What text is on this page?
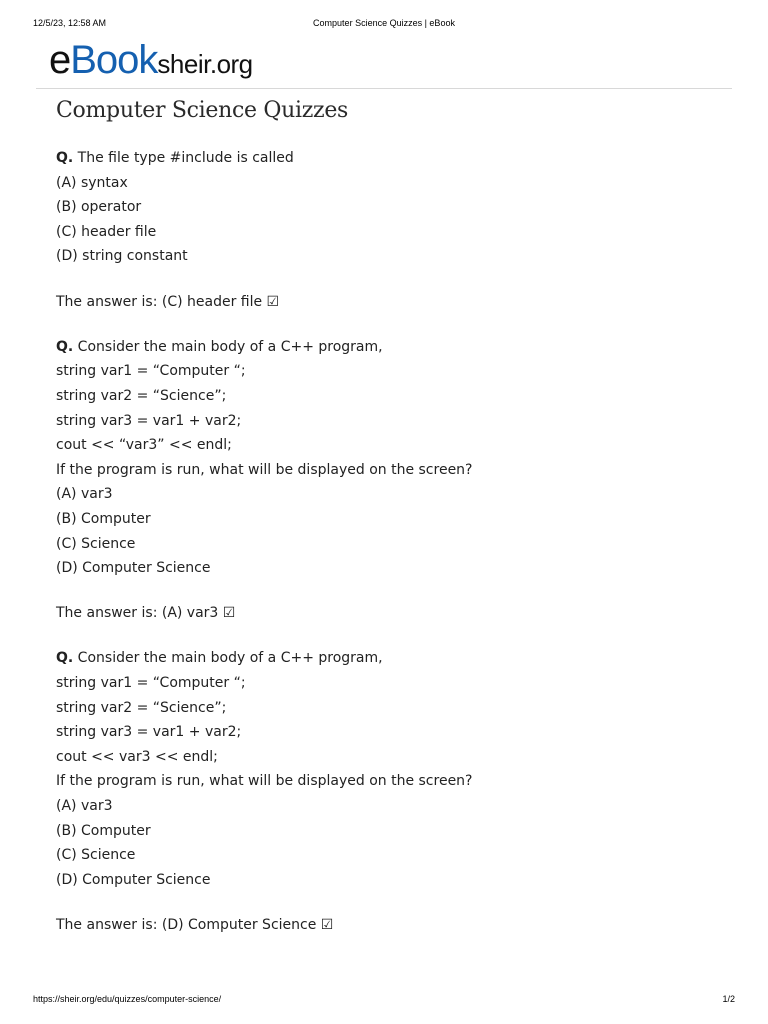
12/5/23, 12:58 AM	Computer Science Quizzes | eBook
e Book sheir.org
Computer Science Quizzes
Q. The file type #include is called
(A) syntax
(B) operator
(C) header file
(D) string constant
The answer is: (C) header file ☑
Q. Consider the main body of a C++ program,
string var1 = “Computer “;
string var2 = “Science”;
string var3 = var1 + var2;
cout << “var3” << endl;
If the program is run, what will be displayed on the screen?
(A) var3
(B) Computer
(C) Science
(D) Computer Science
The answer is: (A) var3 ☑
Q. Consider the main body of a C++ program,
string var1 = “Computer “;
string var2 = “Science”;
string var3 = var1 + var2;
cout << var3 << endl;
If the program is run, what will be displayed on the screen?
(A) var3
(B) Computer
(C) Science
(D) Computer Science
The answer is: (D) Computer Science ☑
https://sheir.org/edu/quizzes/computer-science/	1/2
